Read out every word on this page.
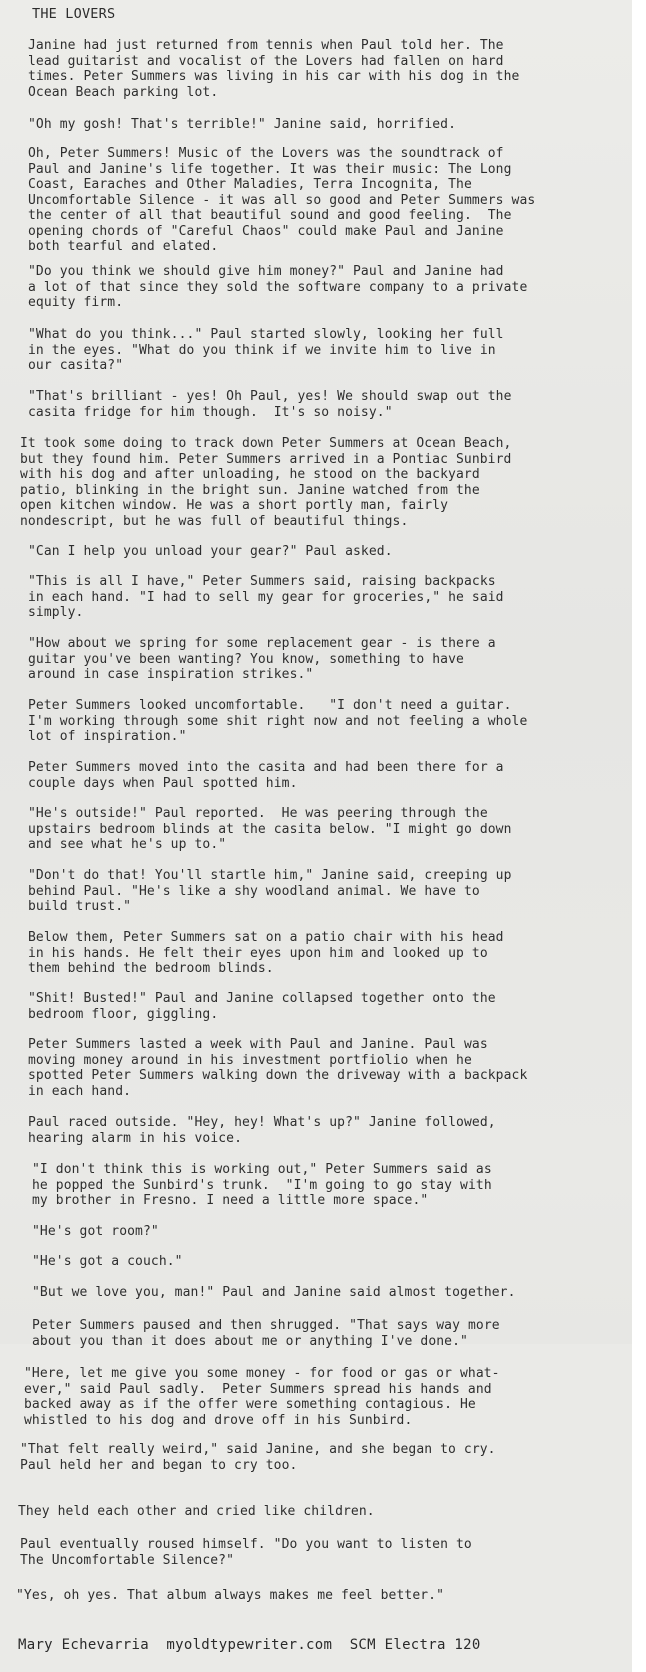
THE LOVERS

Janine had just returned from tennis when Paul told her. The
lead guitarist and vocalist of the Lovers had fallen on hard
times. Peter Summers was living in his car with his dog in the
Ocean Beach parking lot.

"Oh my gosh! That's terrible!" Janine said, horrified.

Oh, Peter Summers! Music of the Lovers was the soundtrack of
Paul and Janine's life together. It was their music: The Long
Coast, Earaches and Other Maladies, Terra Incognita, The
Uncomfortable Silence - it was all so good and Peter Summers was
the center of all that beautiful sound and good feeling.  The
opening chords of "Careful Chaos" could make Paul and Janine
both tearful and elated.

"Do you think we should give him money?" Paul and Janine had
a lot of that since they sold the software company to a private
equity firm.

"What do you think..." Paul started slowly, looking her full
in the eyes. "What do you think if we invite him to live in
our casita?"

"That's brilliant - yes! Oh Paul, yes! We should swap out the
casita fridge for him though.  It's so noisy."

It took some doing to track down Peter Summers at Ocean Beach,
but they found him. Peter Summers arrived in a Pontiac Sunbird
with his dog and after unloading, he stood on the backyard
patio, blinking in the bright sun. Janine watched from the
open kitchen window. He was a short portly man, fairly
nondescript, but he was full of beautiful things.

"Can I help you unload your gear?" Paul asked.

"This is all I have," Peter Summers said, raising backpacks
in each hand. "I had to sell my gear for groceries," he said
simply.

"How about we spring for some replacement gear - is there a
guitar you've been wanting? You know, something to have
around in case inspiration strikes."

Peter Summers looked uncomfortable.   "I don't need a guitar.
I'm working through some shit right now and not feeling a whole
lot of inspiration."

Peter Summers moved into the casita and had been there for a
couple days when Paul spotted him.

"He's outside!" Paul reported.  He was peering through the
upstairs bedroom blinds at the casita below. "I might go down
and see what he's up to."

"Don't do that! You'll startle him," Janine said, creeping up
behind Paul. "He's like a shy woodland animal. We have to
build trust."

Below them, Peter Summers sat on a patio chair with his head
in his hands. He felt their eyes upon him and looked up to
them behind the bedroom blinds.

"Shit! Busted!" Paul and Janine collapsed together onto the
bedroom floor, giggling.

Peter Summers lasted a week with Paul and Janine. Paul was
moving money around in his investment portfiolio when he
spotted Peter Summers walking down the driveway with a backpack
in each hand.

Paul raced outside. "Hey, hey! What's up?" Janine followed,
hearing alarm in his voice.

"I don't think this is working out," Peter Summers said as
he popped the Sunbird's trunk.  "I'm going to go stay with
my brother in Fresno. I need a little more space."

"He's got room?"

"He's got a couch."

"But we love you, man!" Paul and Janine said almost together.

Peter Summers paused and then shrugged. "That says way more
about you than it does about me or anything I've done."

"Here, let me give you some money - for food or gas or what-
ever," said Paul sadly.  Peter Summers spread his hands and
backed away as if the offer were something contagious. He
whistled to his dog and drove off in his Sunbird.

"That felt really weird," said Janine, and she began to cry.
Paul held her and began to cry too.

They held each other and cried like children.

Paul eventually roused himself. "Do you want to listen to
The Uncomfortable Silence?"

"Yes, oh yes. That album always makes me feel better."

Mary Echevarria  myoldtypewriter.com  SCM Electra 120
